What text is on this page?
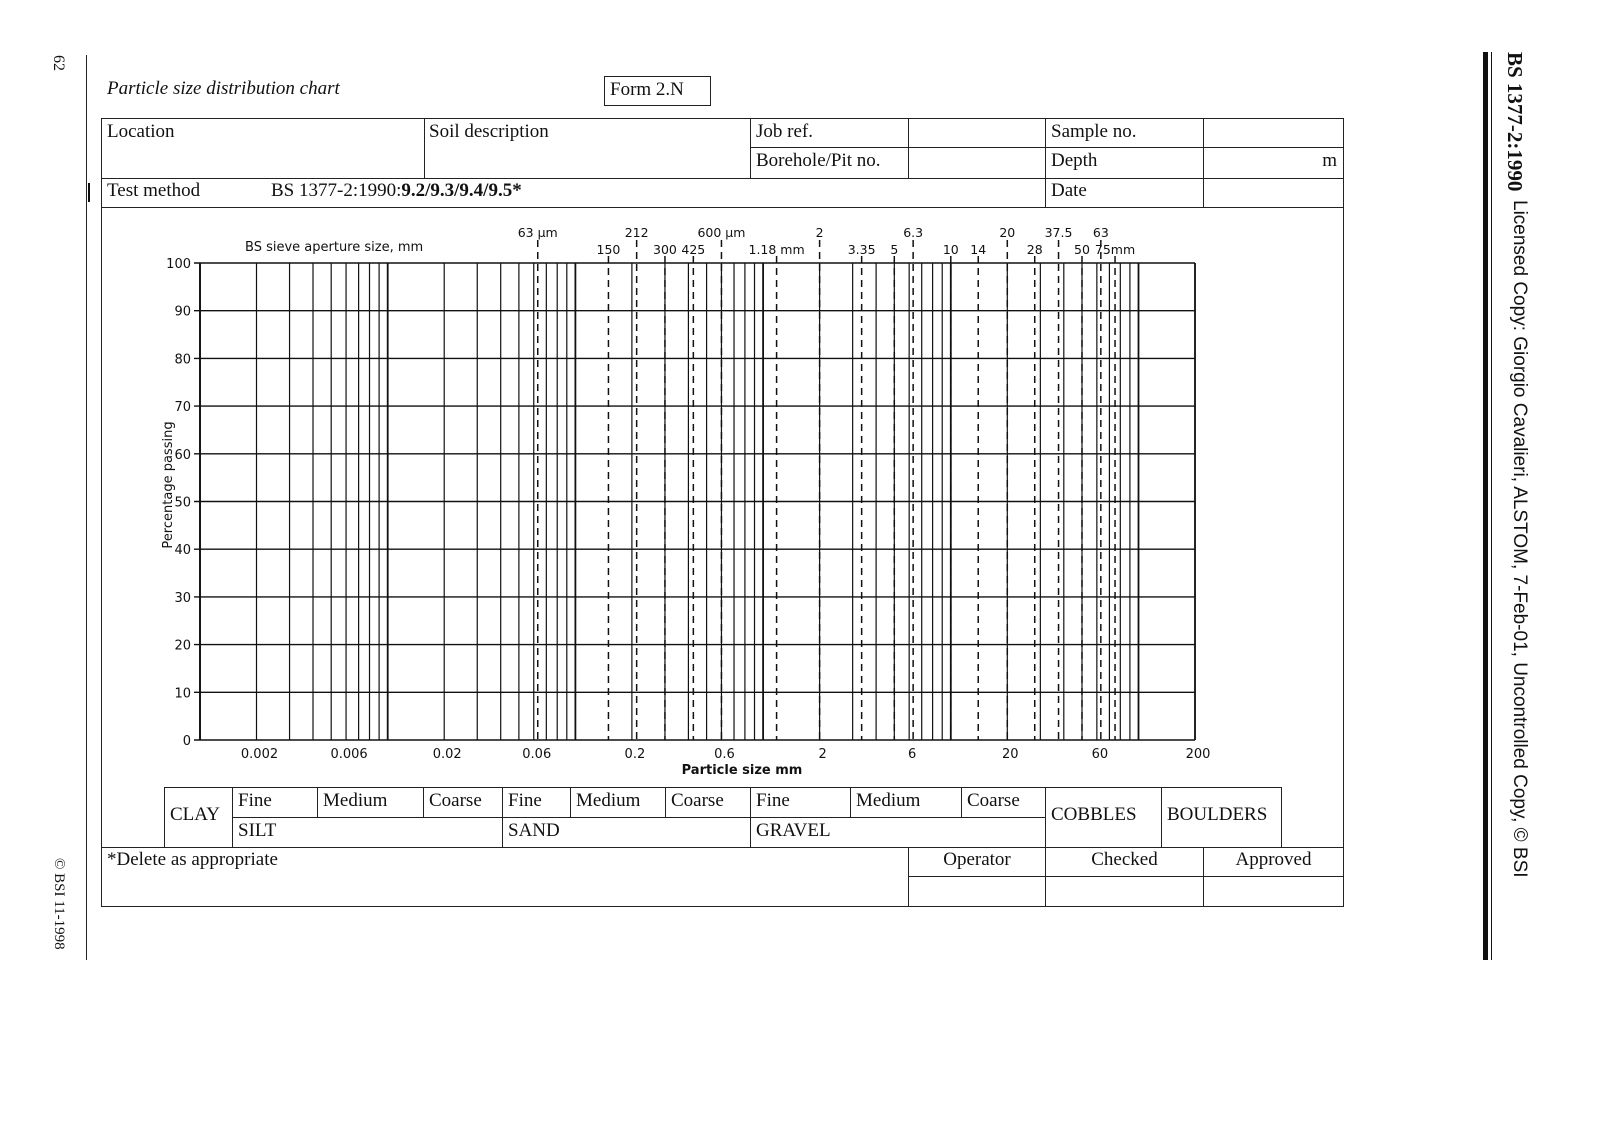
62
© BSI 11-1998
BS 1377-2:1990
Licensed Copy: Giorgio Cavalieri, ALSTOM, 7-Feb-01, Uncontrolled Copy, © BSI
Particle size distribution chart	Form 2.N
Location	Soil description	Job ref.	Sample no.
Borehole/Pit no.	Depth	m
Test method	BS 1377-2:1990:9.2/9.3/9.4/9.5*	Date
BS sieve aperture size, mm
Particle size mm
Percentage passing
0
10
20
30
40
50
60
70
80
90
100
0.002	0.006	0.02	0.06	0.2	0.6	2	6	20	60	200
63 µm
150
212
300 425
600 µm
1.18 mm
2
3.35 5
6.3
10 14
20
28
37.5
50
63
75mm
CLAY
Fine	Medium Coarse Fine Medium Coarse Fine	Medium Coarse
SILT	SAND	GRAVEL
COBBLES BOULDERS
*Delete as appropriate	Operator	Checked	Approved
